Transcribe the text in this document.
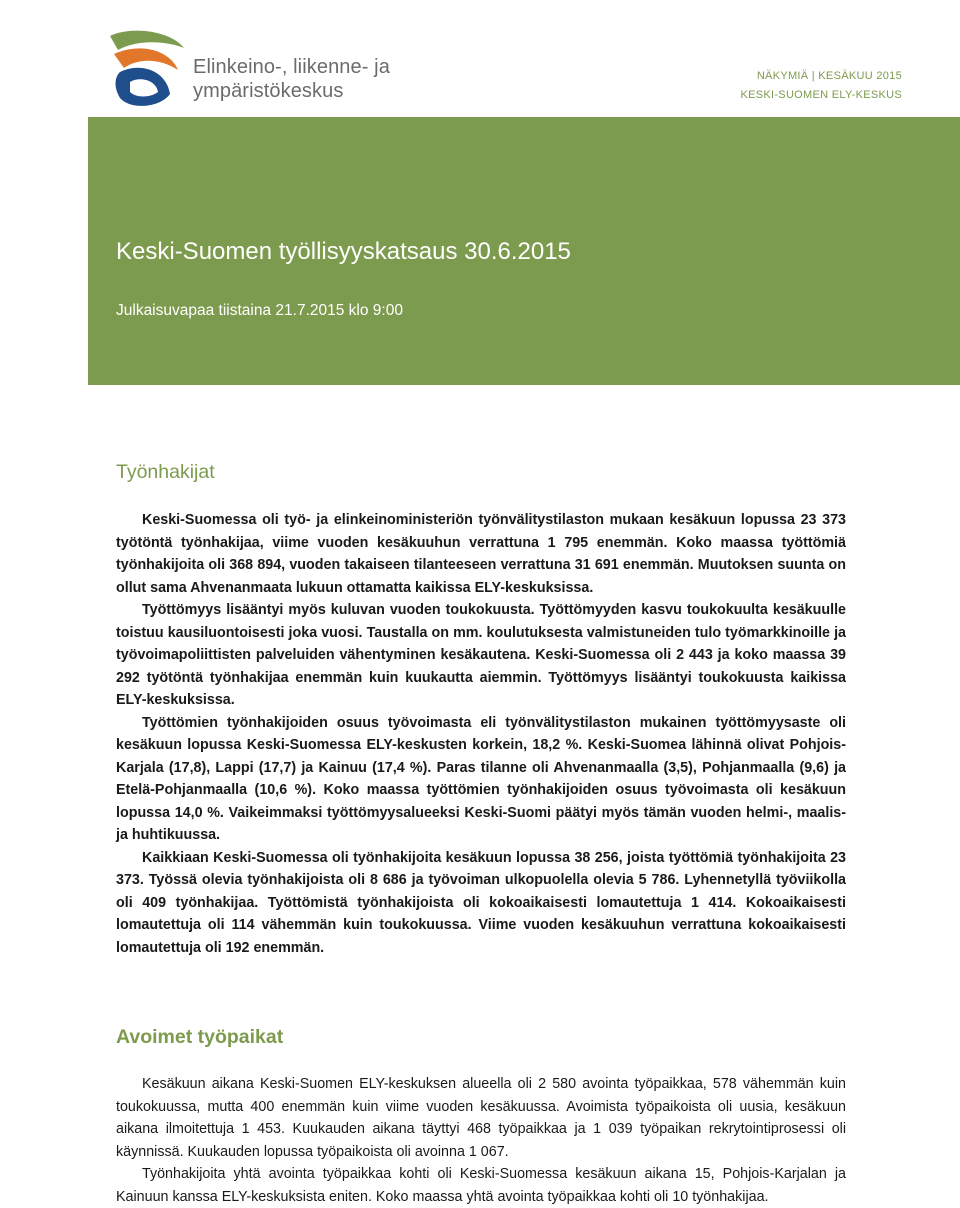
Elinkeino-, liikenne- ja
ympäristökeskus
NÄKYMIÄ | KESÄKUU 2015
KESKI-SUOMEN ELY-KESKUS
Keski-Suomen työllisyyskatsaus 30.6.2015
Julkaisuvapaa tiistaina 21.7.2015 klo 9:00
Työnhakijat

Keski-Suomessa oli työ- ja elinkeinoministeriön työnvälitystilaston mukaan kesäkuun lopussa 23 373 työtöntä työnhakijaa, viime vuoden kesäkuuhun verrattuna 1 795 enemmän. Koko maassa työttömiä työnhakijoita oli 368 894, vuoden takaiseen tilanteeseen verrattuna 31 691 enemmän. Muutoksen suunta on ollut sama Ahvenanmaata lukuun ottamatta kaikissa ELY-keskuksissa.

Työttömyys lisääntyi myös kuluvan vuoden toukokuusta. Työttömyyden kasvu toukokuulta kesäkuulle toistuu kausiluontoisesti joka vuosi. Taustalla on mm. koulutuksesta valmistuneiden tulo työmarkkinoille ja työvoimapoliittisten palveluiden vähentyminen kesäkautena. Keski-Suomessa oli 2 443 ja koko maassa 39 292 työtöntä työnhakijaa enemmän kuin kuukautta aiemmin. Työttömyys lisääntyi toukokuusta kaikissa ELY-keskuksissa.

Työttömien työnhakijoiden osuus työvoimasta eli työnvälitystilaston mukainen työttömyysaste oli kesäkuun lopussa Keski-Suomessa ELY-keskusten korkein, 18,2 %. Keski-Suomea lähinnä olivat Pohjois-Karjala (17,8), Lappi (17,7) ja Kainuu (17,4 %). Paras tilanne oli Ahvenanmaalla (3,5), Pohjanmaalla (9,6) ja Etelä-Pohjanmaalla (10,6 %). Koko maassa työttömien työnhakijoiden osuus työvoimasta oli kesäkuun lopussa 14,0 %. Vaikeimmaksi työttömyysalueeksi Keski-Suomi päätyi myös tämän vuoden helmi-, maalis- ja huhtikuussa.

Kaikkiaan Keski-Suomessa oli työnhakijoita kesäkuun lopussa 38 256, joista työttömiä työnhakijoita 23 373. Työssä olevia työnhakijoista oli 8 686 ja työvoiman ulkopuolella olevia 5 786. Lyhennetyllä työviikolla oli 409 työnhakijaa. Työttömistä työnhakijoista oli kokoaikaisesti lomautettuja 1 414. Kokoaikaisesti lomautettuja oli 114 vähemmän kuin toukokuussa. Viime vuoden kesäkuuhun verrattuna kokoaikaisesti lomautettuja oli 192 enemmän.

Avoimet työpaikat

Kesäkuun aikana Keski-Suomen ELY-keskuksen alueella oli 2 580 avointa työpaikkaa, 578 vähemmän kuin toukokuussa, mutta 400 enemmän kuin viime vuoden kesäkuussa. Avoimista työpaikoista oli uusia, kesäkuun aikana ilmoitettuja 1 453. Kuukauden aikana täyttyi 468 työpaikkaa ja 1 039 työpaikan rekrytointiprosessi oli käynnissä. Kuukauden lopussa työpaikoista oli avoinna 1 067.

Työnhakijoita yhtä avointa työpaikkaa kohti oli Keski-Suomessa kesäkuun aikana 15, Pohjois-Karjalan ja Kainuun kanssa ELY-keskuksista eniten. Koko maassa yhtä avointa työpaikkaa kohti oli 10 työnhakijaa.
